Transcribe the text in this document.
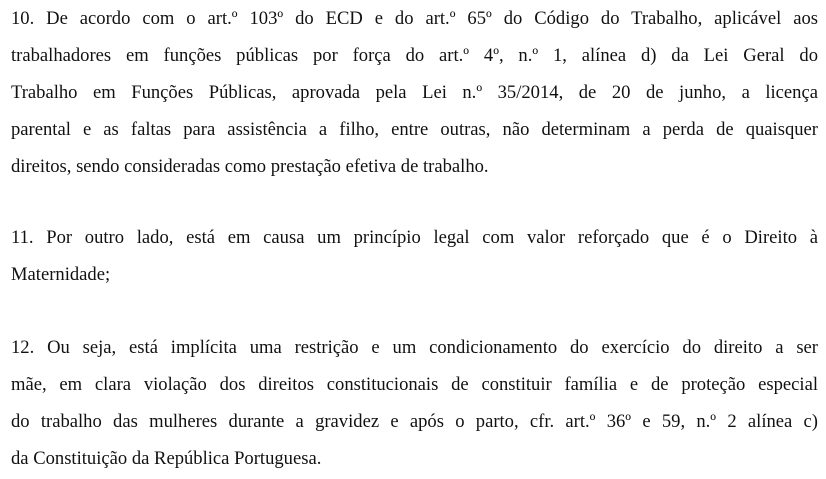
10. De acordo com o art.º 103º do ECD e do art.º 65º do Código do Trabalho, aplicável aos
trabalhadores em funções públicas por força do art.º 4º, n.º 1, alínea d) da Lei Geral do
Trabalho em Funções Públicas, aprovada pela Lei n.º 35/2014, de 20 de junho, a licença
parental e as faltas para assistência a filho, entre outras, não determinam a perda de quaisquer
direitos, sendo consideradas como prestação efetiva de trabalho.
11. Por outro lado, está em causa um princípio legal com valor reforçado que é o Direito à
Maternidade;
12. Ou seja, está implícita uma restrição e um condicionamento do exercício do direito a ser
mãe, em clara violação dos direitos constitucionais de constituir família e de proteção especial
do trabalho das mulheres durante a gravidez e após o parto, cfr. art.º 36º e 59, n.º 2 alínea c)
da Constituição da República Portuguesa.
